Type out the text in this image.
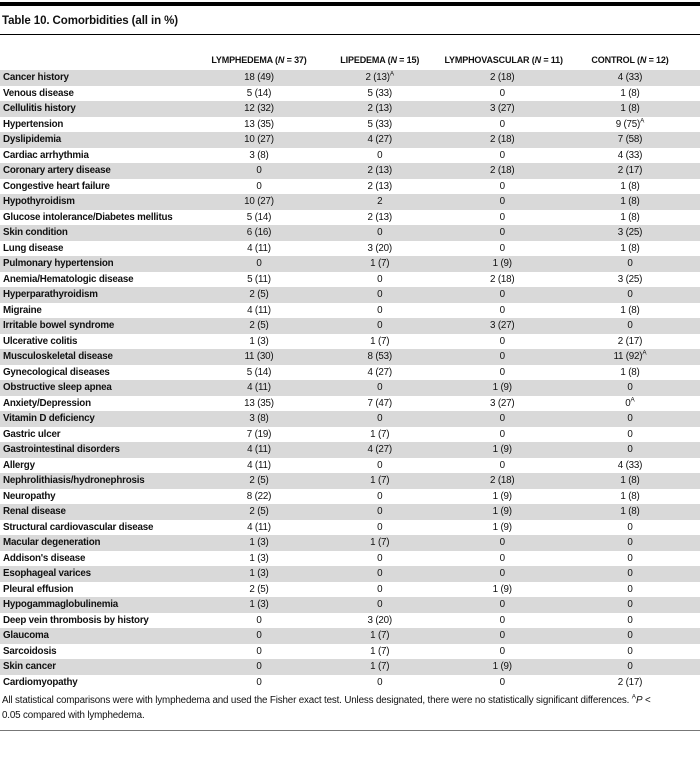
Table 10. Comorbidities (all in %)
	LYMPHEDEMA (N = 37)	LIPEDEMA (N = 15)	LYMPHOVASCULAR (N = 11)	CONTROL (N = 12)
Cancer history	18 (49)	2 $(13)^A$	2 (18)	4 (33)
Venous disease	5 (14)	5 (33)	0	1 (8)
Cellulitis history	12 (32)	2 (13)	3 (27)	1 (8)
Hypertension	13 (35)	5 (33)	0	9 $(75)^A$
Dyslipidemia	10 (27)	4 (27)	2 (18)	7 (58)
Cardiac arrhythmia	3 (8)	0	0	4 (33)
Coronary artery disease	0	2 (13)	2 (18)	2 (17)
Congestive heart failure	0	2 (13)	0	1 (8)
Hypothyroidism	10 (27)	2	0	1 (8)
Glucose intolerance/Diabetes mellitus	5 (14)	2 (13)	0	1 (8)
Skin condition	6 (16)	0	0	3 (25)
Lung disease	4 (11)	3 (20)	0	1 (8)
Pulmonary hypertension	0	1 (7)	1 (9)	0
Anemia/Hematologic disease	5 (11)	0	2 (18)	3 (25)
Hyperparathyroidism	2 (5)	0	0	0
Migraine	4 (11)	0	0	1 (8)
Irritable bowel syndrome	2 (5)	0	3 (27)	0
Ulcerative colitis	1 (3)	1 (7)	0	2 (17)
Musculoskeletal disease	11 (30)	8 (53)	0	11 $(92)^A$
Gynecological diseases	5 (14)	4 (27)	0	1 (8)
Obstructive sleep apnea	4 (11)	0	1 (9)	0
Anxiety/Depression	13 (35)	7 (47)	3 (27)	$0^A$
Vitamin D deficiency	3 (8)	0	0	0
Gastric ulcer	7 (19)	1 (7)	0	0
Gastrointestinal disorders	4 (11)	4 (27)	1 (9)	0
Allergy	4 (11)	0	0	4 (33)
Nephrolithiasis/hydronephrosis	2 (5)	1 (7)	2 (18)	1 (8)
Neuropathy	8 (22)	0	1 (9)	1 (8)
Renal disease	2 (5)	0	1 (9)	1 (8)
Structural cardiovascular disease	4 (11)	0	1 (9)	0
Macular degeneration	1 (3)	1 (7)	0	0
Addison's disease	1 (3)	0	0	0
Esophageal varices	1 (3)	0	0	0
Pleural effusion	2 (5)	0	1 (9)	0
Hypogammaglobulinemia	1 (3)	0	0	0
Deep vein thrombosis by history	0	3 (20)	0	0
Glaucoma	0	1 (7)	0	0
Sarcoidosis	0	1 (7)	0	0
Skin cancer	0	1 (7)	1 (9)	0
Cardiomyopathy	0	0	0	2 (17)
All statistical comparisons were with lymphedema and used the Fisher exact test. Unless designated, there were no statistically significant differences. $^A$P < 0.05 compared with lymphedema.
